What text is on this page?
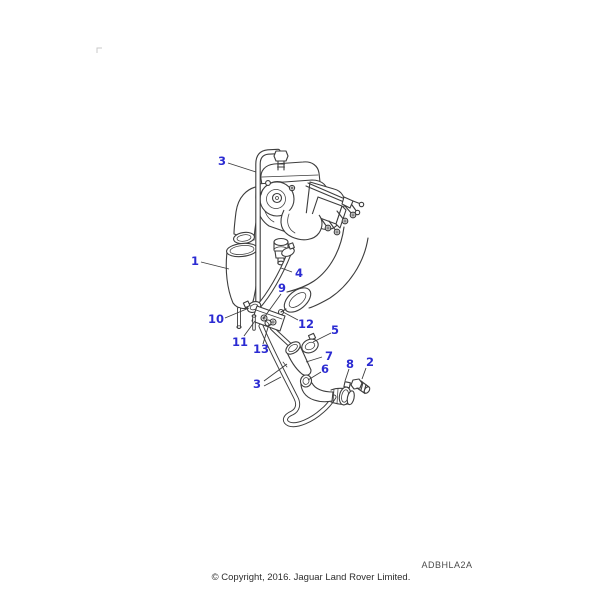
3
1
4
9
10
11
12
13
5
7
6 8 2
3
ADBHLA2A
© Copyright, 2016. Jaguar Land Rover Limited.
